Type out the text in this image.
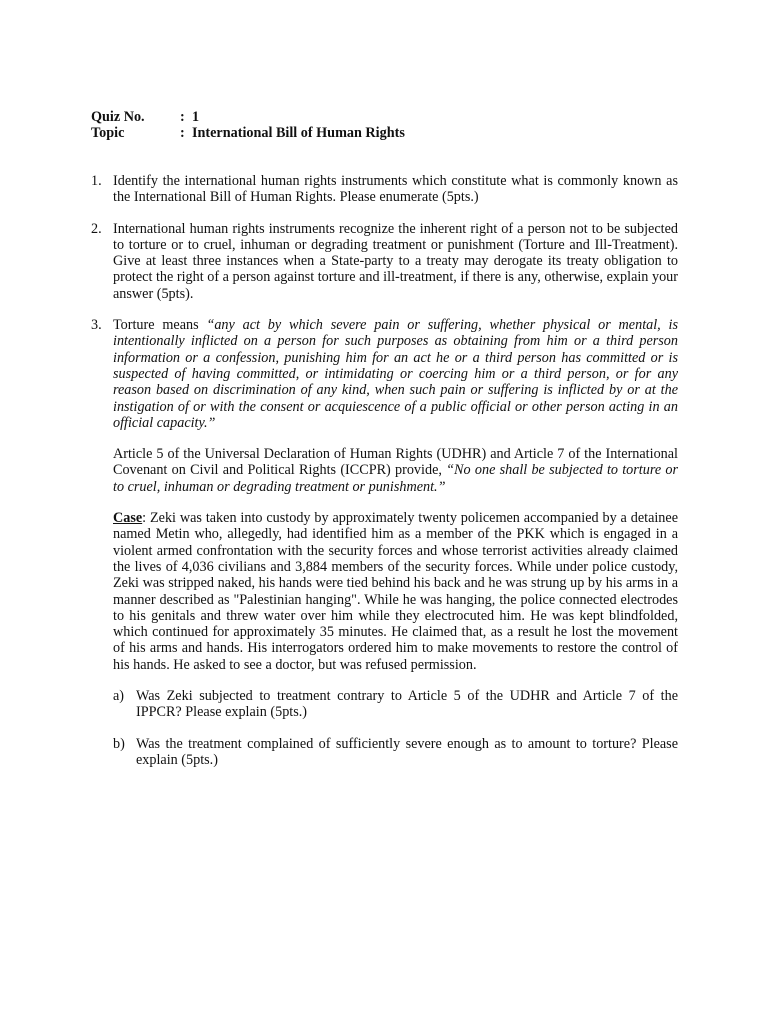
Quiz No.	: 1
Topic	: International Bill of Human Rights
1. Identify the international human rights instruments which constitute what is commonly known as the International Bill of Human Rights. Please enumerate (5pts.)

2. International human rights instruments recognize the inherent right of a person not to be subjected to torture or to cruel, inhuman or degrading treatment or punishment (Torture and Ill-Treatment). Give at least three instances when a State-party to a treaty may derogate its treaty obligation to protect the right of a person against torture and ill-treatment, if there is any, otherwise, explain your answer (5pts).

3. Torture means “any act by which severe pain or suffering, whether physical or mental, is intentionally inflicted on a person for such purposes as obtaining from him or a third person information or a confession, punishing him for an act he or a third person has committed or is suspected of having committed, or intimidating or coercing him or a third person, or for any reason based on discrimination of any kind, when such pain or suffering is inflicted by or at the instigation of or with the consent or acquiescence of a public official or other person acting in an official capacity.”

Article 5 of the Universal Declaration of Human Rights (UDHR) and Article 7 of the International Covenant on Civil and Political Rights (ICCPR) provide, “No one shall be subjected to torture or to cruel, inhuman or degrading treatment or punishment.”

Case: Zeki was taken into custody by approximately twenty policemen accompanied by a detainee named Metin who, allegedly, had identified him as a member of the PKK which is engaged in a violent armed confrontation with the security forces and whose terrorist activities already claimed the lives of 4,036 civilians and 3,884 members of the security forces. While under police custody, Zeki was stripped naked, his hands were tied behind his back and he was strung up by his arms in a manner described as "Palestinian hanging". While he was hanging, the police connected electrodes to his genitals and threw water over him while they electrocuted him. He was kept blindfolded, which continued for approximately 35 minutes. He claimed that, as a result he lost the movement of his arms and hands. His interrogators ordered him to make movements to restore the control of his hands. He asked to see a doctor, but was refused permission.

a) Was Zeki subjected to treatment contrary to Article 5 of the UDHR and Article 7 of the IPPCR? Please explain (5pts.)

b) Was the treatment complained of sufficiently severe enough as to amount to torture? Please explain (5pts.)
